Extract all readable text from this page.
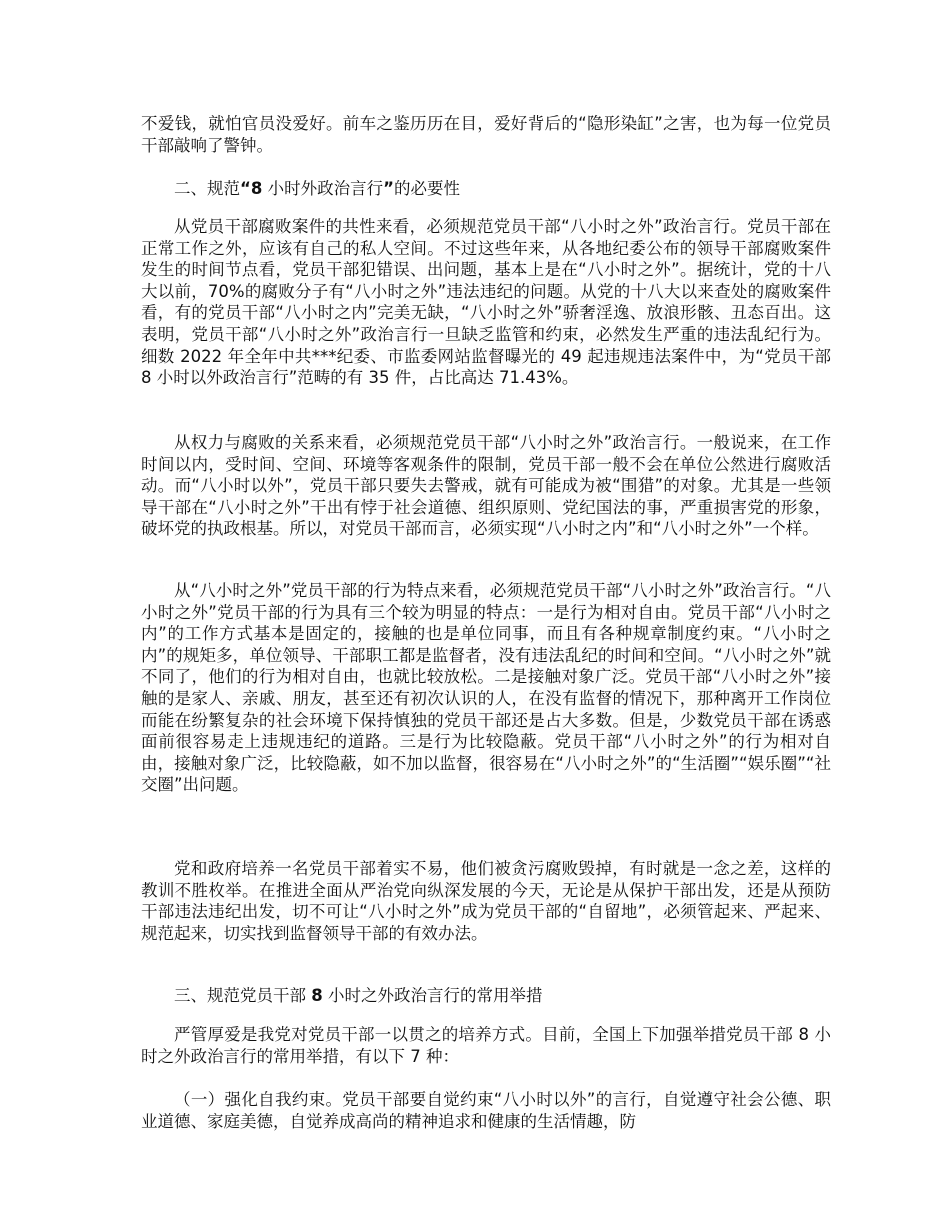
不爱钱，就怕官员没爱好。前车之鉴历历在目，爱好背后的“隐形染缸”之害，也为每一位党员干部敲响了警钟。

二、规范“8 小时外政治言行”的必要性

从党员干部腐败案件的共性来看，必须规范党员干部“八小时之外”政治言行。党员干部在正常工作之外，应该有自己的私人空间。不过这些年来，从各地纪委公布的领导干部腐败案件发生的时间节点看，党员干部犯错误、出问题，基本上是在“八小时之外”。据统计，党的十八大以前，70%的腐败分子有“八小时之外”违法违纪的问题。从党的十八大以来查处的腐败案件看，有的党员干部“八小时之内”完美无缺，“八小时之外”骄奢淫逸、放浪形骸、丑态百出。这表明，党员干部“八小时之外”政治言行一旦缺乏监管和约束，必然发生严重的违法乱纪行为。细数 2022 年全年中共***纪委、市监委网站监督曝光的 49 起违规违法案件中，为“党员干部 8 小时以外政治言行”范畴的有 35 件，占比高达 71.43%。

从权力与腐败的关系来看，必须规范党员干部“八小时之外”政治言行。一般说来，在工作时间以内，受时间、空间、环境等客观条件的限制，党员干部一般不会在单位公然进行腐败活动。而“八小时以外”，党员干部只要失去警戒，就有可能成为被“围猎”的对象。尤其是一些领导干部在“八小时之外”干出有悖于社会道德、组织原则、党纪国法的事，严重损害党的形象，破坏党的执政根基。所以，对党员干部而言，必须实现“八小时之内”和“八小时之外”一个样。

从“八小时之外”党员干部的行为特点来看，必须规范党员干部“八小时之外”政治言行。“八小时之外”党员干部的行为具有三个较为明显的特点：一是行为相对自由。党员干部“八小时之内”的工作方式基本是固定的，接触的也是单位同事，而且有各种规章制度约束。“八小时之内”的规矩多，单位领导、干部职工都是监督者，没有违法乱纪的时间和空间。“八小时之外”就不同了，他们的行为相对自由，也就比较放松。二是接触对象广泛。党员干部“八小时之外”接触的是家人、亲戚、朋友，甚至还有初次认识的人，在没有监督的情况下，那种离开工作岗位而能在纷繁复杂的社会环境下保持慎独的党员干部还是占大多数。但是，少数党员干部在诱惑面前很容易走上违规违纪的道路。三是行为比较隐蔽。党员干部“八小时之外”的行为相对自由，接触对象广泛，比较隐蔽，如不加以监督，很容易在“八小时之外”的“生活圈”“娱乐圈”“社交圈”出问题。

党和政府培养一名党员干部着实不易，他们被贪污腐败毁掉，有时就是一念之差，这样的教训不胜枚举。在推进全面从严治党向纵深发展的今天，无论是从保护干部出发，还是从预防干部违法违纪出发，切不可让“八小时之外”成为党员干部的“自留地”，必须管起来、严起来、规范起来，切实找到监督领导干部的有效办法。

三、规范党员干部 8 小时之外政治言行的常用举措

严管厚爱是我党对党员干部一以贯之的培养方式。目前，全国上下加强举措党员干部 8 小时之外政治言行的常用举措，有以下 7 种：

（一）强化自我约束。党员干部要自觉约束“八小时以外”的言行，自觉遵守社会公德、职业道德、家庭美德，自觉养成高尚的精神追求和健康的生活情趣，防
